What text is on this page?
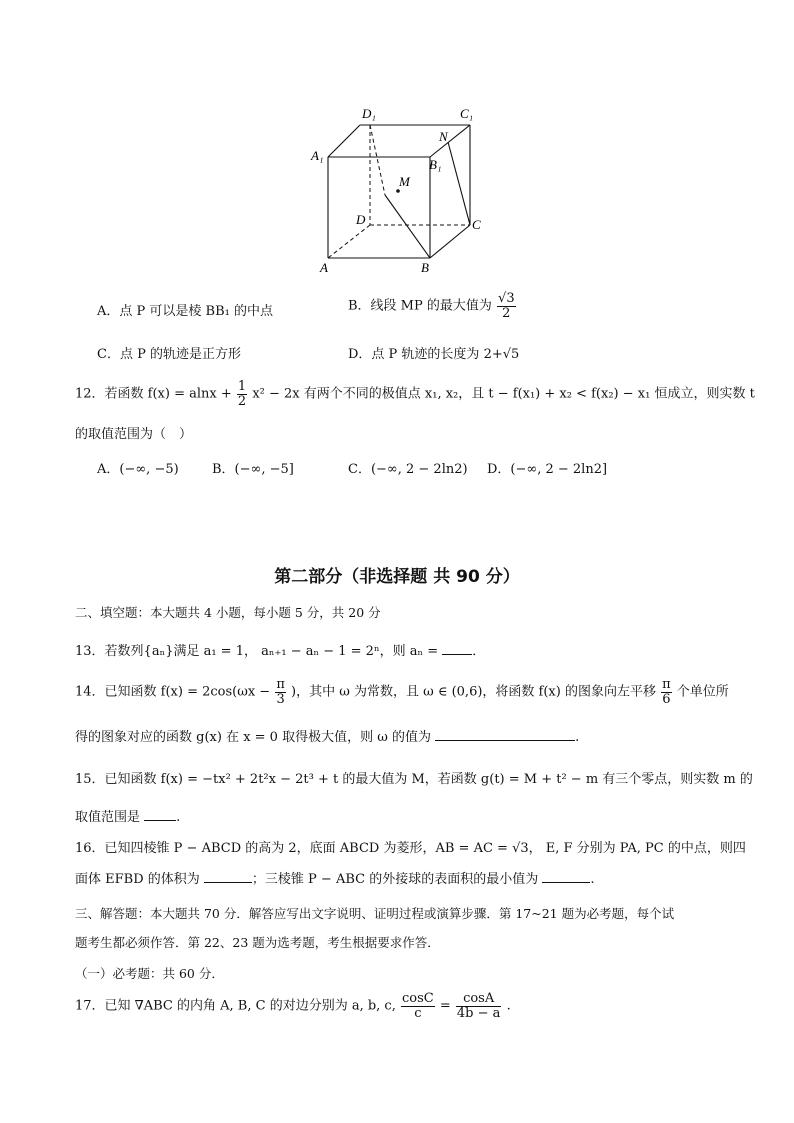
D₁	C₁
A₁
B₁
N
M
D	C
A	B
A．点 P 可以是棱 BB₁ 的中点	B．线段 MP 的最大值为 $\frac{√3}{2}$
C．点 P 的轨迹是正方形	D．点 P 轨迹的长度为 2+√5
12．若函数 $f(x) = alnx + \frac{1}{2} x^2 - 2x$ 有两个不同的极值点 x₁, x₂，且 t − f(x₁) + x₂ < f(x₂) − x₁ 恒成立，则实数 t
的取值范围为（　）
A．(−∞, −5)	B．(−∞, −5]	C．(−∞, 2 − 2ln2) D．(−∞, 2 − 2ln2]
第二部分（非选择题 共 90 分）
二、填空题：本大题共 4 小题，每小题 5 分，共 20 分
13．若数列{aₙ}满足 a₁ = 1， aₙ₊₁ − aₙ − 1 = 2ⁿ，则 aₙ =	．
14．已知函数 $f(x) = 2\cos(\omega x - \frac{\pi}{3}$ )，其中 ω 为常数，且 ω ∈ (0,6)，将函数 f(x) 的图象向左平移 $\frac{\pi}{6}$ 个单位所
得的图象对应的函数 g(x) 在 x = 0 取得极大值，则 ω 的值为	.
15．已知函数 f(x) = −tx² + 2t²x − 2t³ + t 的最大值为 M，若函数 g(t) = M + t² − m 有三个零点，则实数 m 的
取值范围是	.
16．已知四棱锥 P − ABCD 的高为 2，底面 ABCD 为菱形，AB = AC = √3， E, F 分别为 PA, PC 的中点，则四
面体 EFBD 的体积为	；三棱锥 P − ABC 的外接球的表面积的最小值为	.
三、解答题：本大题共 70 分．解答应写出文字说明、证明过程或演算步骤．第 17~21 题为必考题，每个试
题考生都必须作答．第 22、23 题为选考题，考生根据要求作答．
（一）必考题：共 60 分．
17．已知 ∇ABC 的内角 A, B, C 的对边分别为 a, b, c, $\frac{\cos C}{c} = \frac{\cos A}{4b - a}$ .
